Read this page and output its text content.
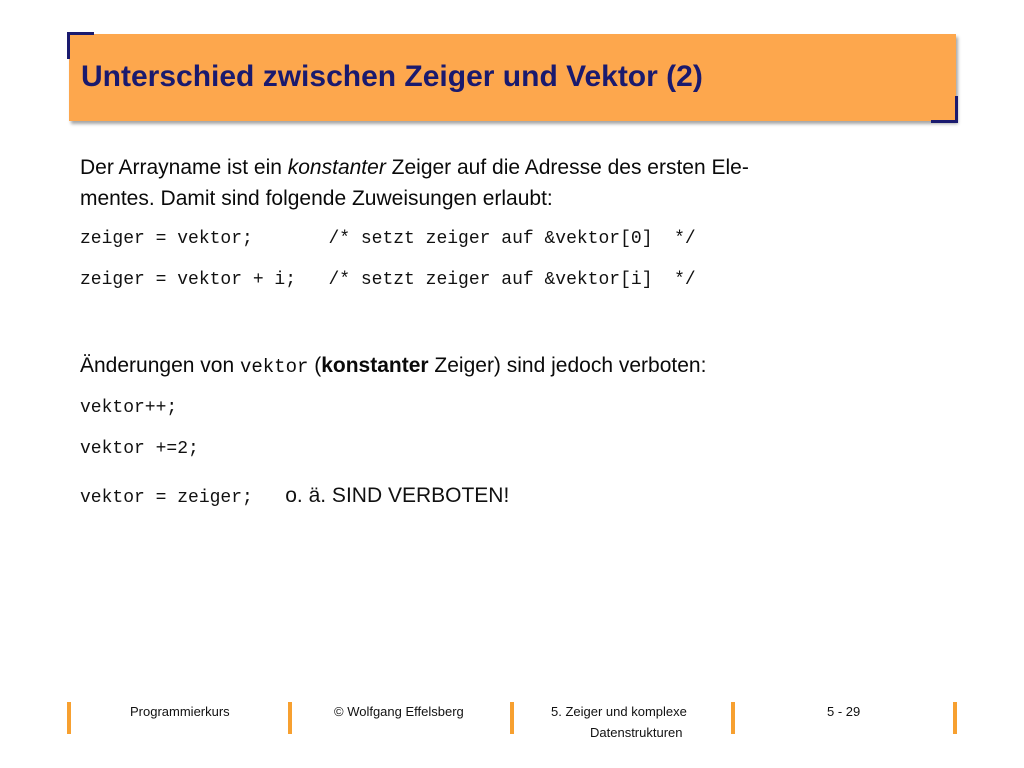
Unterschied zwischen Zeiger und Vektor (2)
Der Arrayname ist ein konstanter Zeiger auf die Adresse des ersten Ele-
mentes. Damit sind folgende Zuweisungen erlaubt:
zeiger = vektor;       /* setzt zeiger auf &vektor[0]  */
zeiger = vektor + i;   /* setzt zeiger auf &vektor[i]  */
Änderungen von vektor (konstanter Zeiger) sind jedoch verboten:
vektor++;
vektor +=2;
vektor = zeiger; o. ä. SIND VERBOTEN!
Programmierkurs	© Wolfgang Effelsberg	5. Zeiger und komplexe
Datenstrukturen
5 - 29
